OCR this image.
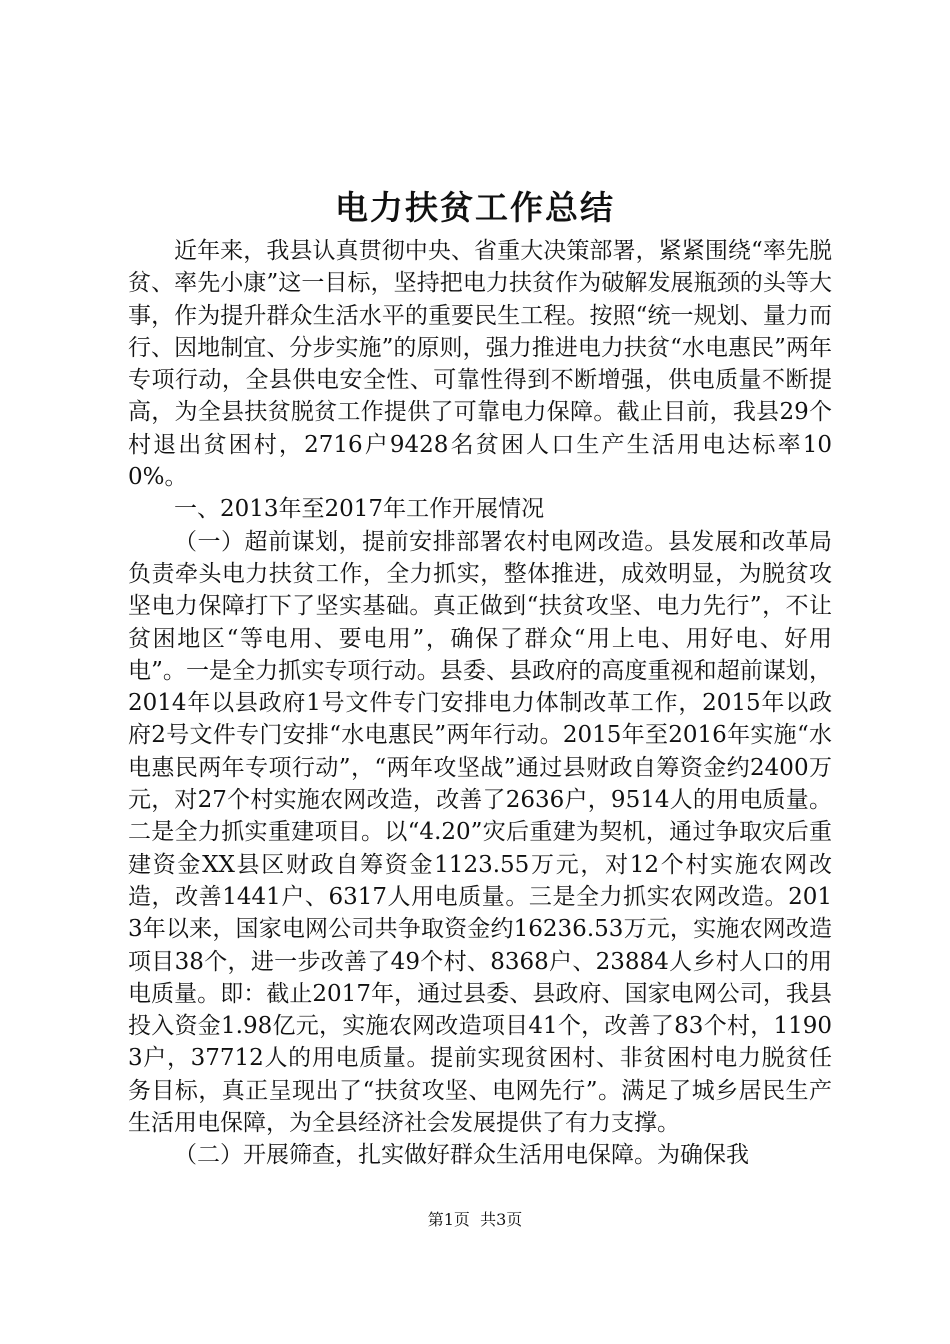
电力扶贫工作总结

近年来，我县认真贯彻中央、省重大决策部署，紧紧围绕“率先脱贫、率先小康”这一目标，坚持把电力扶贫作为破解发展瓶颈的头等大事，作为提升群众生活水平的重要民生工程。按照“统一规划、量力而行、因地制宜、分步实施”的原则，强力推进电力扶贫“水电惠民”两年专项行动，全县供电安全性、可靠性得到不断增强，供电质量不断提高，为全县扶贫脱贫工作提供了可靠电力保障。截止目前，我县29个村退出贫困村，2716户9428名贫困人口生产生活用电达标率100%。

一、2013年至2017年工作开展情况

（一）超前谋划，提前安排部署农村电网改造。县发展和改革局负责牵头电力扶贫工作，全力抓实，整体推进，成效明显，为脱贫攻坚电力保障打下了坚实基础。真正做到“扶贫攻坚、电力先行”，不让贫困地区“等电用、要电用”，确保了群众“用上电、用好电、好用电”。一是全力抓实专项行动。县委、县政府的高度重视和超前谋划，2014年以县政府1号文件专门安排电力体制改革工作，2015年以政府2号文件专门安排“水电惠民”两年行动。2015年至2016年实施“水电惠民两年专项行动”，“两年攻坚战”通过县财政自筹资金约2400万元，对27个村实施农网改造，改善了2636户，9514人的用电质量。二是全力抓实重建项目。以“4.20”灾后重建为契机，通过争取灾后重建资金XX县区财政自筹资金1123.55万元，对12个村实施农网改造，改善1441户、6317人用电质量。三是全力抓实农网改造。2013年以来，国家电网公司共争取资金约16236.53万元，实施农网改造项目38个，进一步改善了49个村、8368户、23884人乡村人口的用电质量。即：截止2017年，通过县委、县政府、国家电网公司，我县投入资金1.98亿元，实施农网改造项目41个，改善了83个村，11903户，37712人的用电质量。提前实现贫困村、非贫困村电力脱贫任务目标，真正呈现出了“扶贫攻坚、电网先行”。满足了城乡居民生产生活用电保障，为全县经济社会发展提供了有力支撑。

（二）开展筛查，扎实做好群众生活用电保障。为确保我

第1页 共3页
